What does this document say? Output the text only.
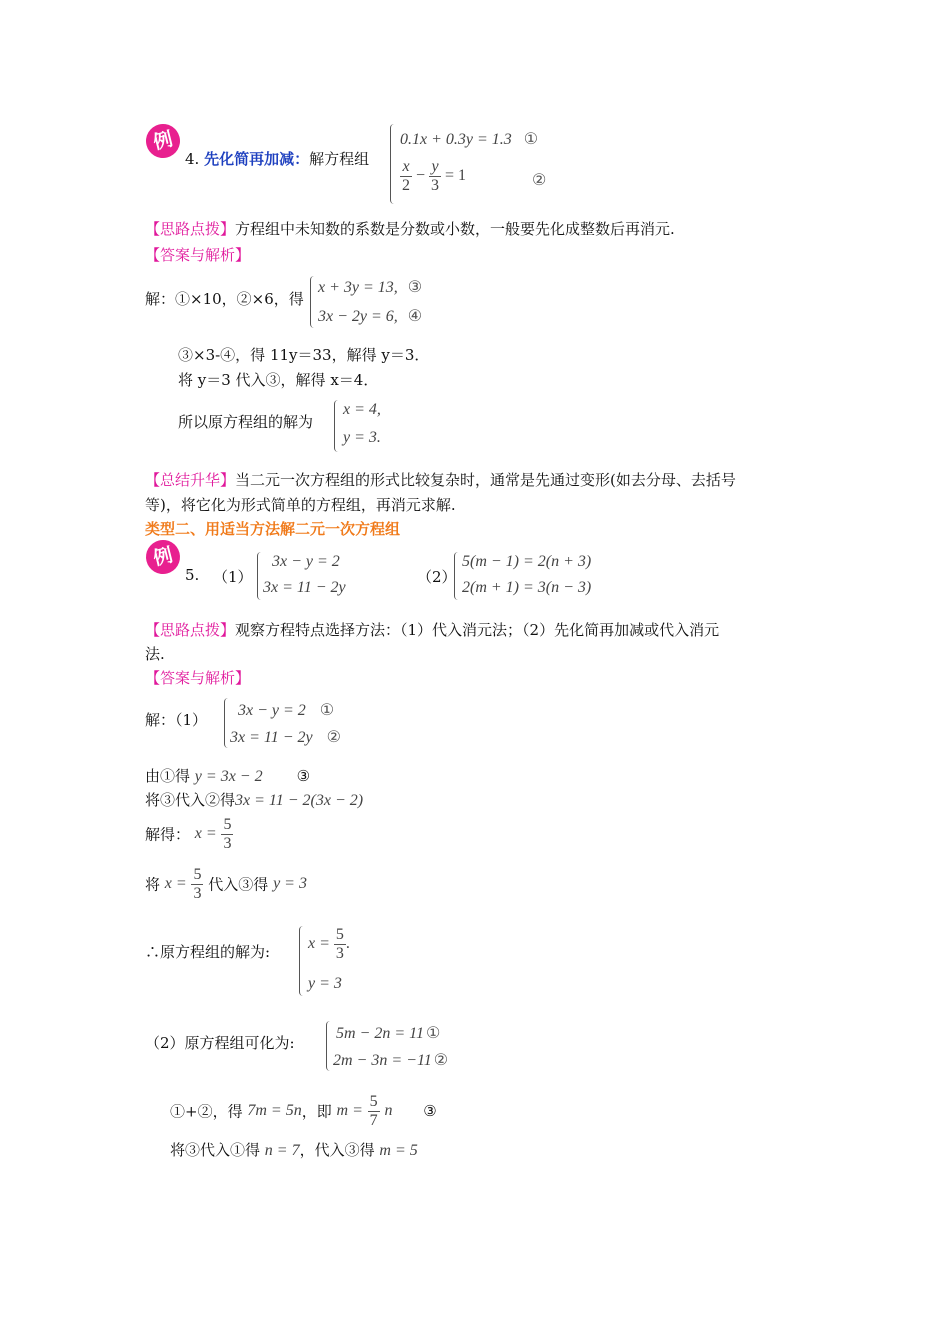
例
4. 先化简再加减：解方程组
0.1x + 0.3y = 1.3 ①
$\frac{x}{2} - \frac{y}{3} = 1$	②
【思路点拨】方程组中未知数的系数是分数或小数，一般要先化成整数后再消元.
【答案与解析】
解：①×10，②×6，得
x + 3y = 13, ③
3x − 2y = 6, ④
③×3-④，得 11y＝33，解得 y＝3．
将 y＝3 代入③，解得 x＝4．
所以原方程组的解为
x = 4,
y = 3.
【总结升华】当二元一次方程组的形式比较复杂时，通常是先通过变形(如去分母、去括号
等)，将它化为形式简单的方程组，再消元求解.
类型二、用适当方法解二元一次方程组
例
5. （1）
3x − y = 2
3x = 11 − 2y
（2）
5(m − 1) = 2(n + 3)
2(m + 1) = 3(n − 3)
【思路点拨】观察方程特点选择方法：（1）代入消元法；（2）先化简再加减或代入消元
法.
【答案与解析】
解：（1）
3x − y = 2 ①
3x = 11 − 2y ②
由①得 y = 3x − 2 ③
将③代入②得3x = 11 − 2(3x − 2)
解得： $x = \frac{5}{3}$
将 $x = \frac{5}{3}$ 代入③得 y = 3
∴原方程组的解为: $x = \frac{5}{3}$ .
y = 3
（2）原方程组可化为:
5m − 2n = 11 ①
2m − 3n = −11 ②
①+②，得 7m = 5n，即 $m = \frac{5}{7}$ n ③
将③代入①得 n = 7，代入③得 m = 5
